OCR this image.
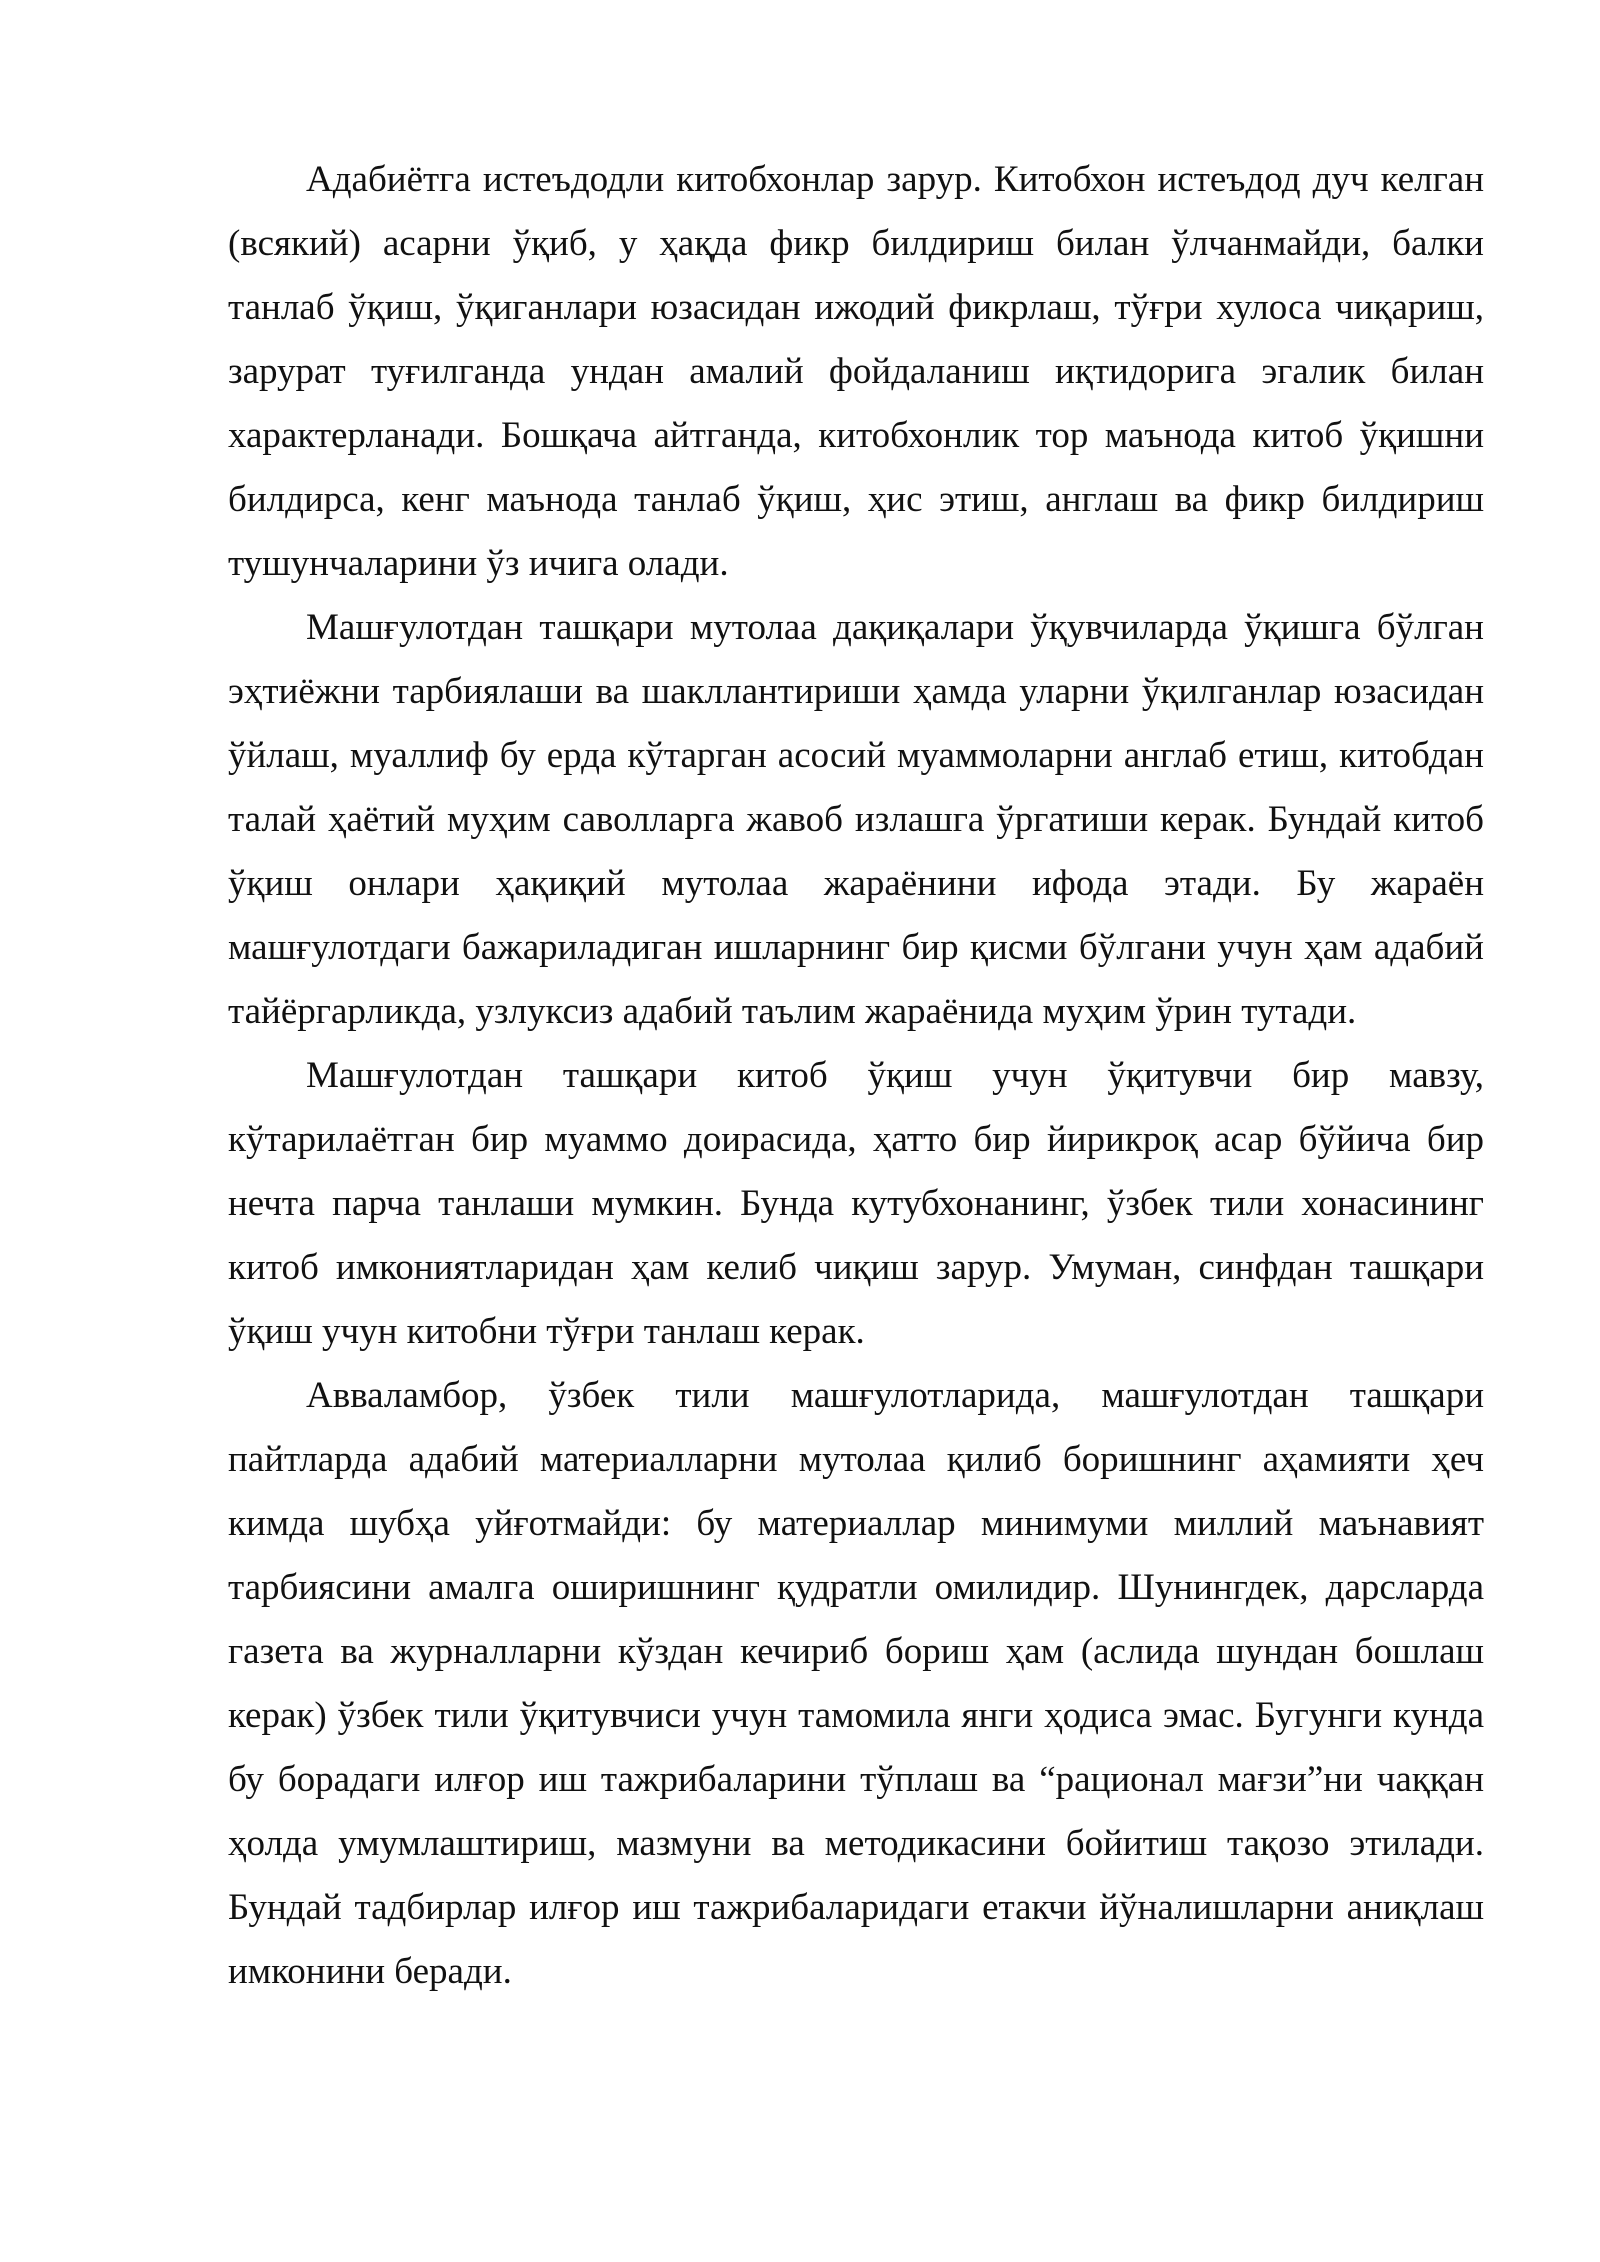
Адабиётга истеъдодли китобхонлар зарур. Китобхон истеъдод дуч келган (всякий) асарни ўқиб, у ҳақда фикр билдириш билан ўлчанмайди, балки танлаб ўқиш, ўқиганлари юзасидан ижодий фикрлаш, тўғри хулоса чиқариш, зарурат туғилганда ундан амалий фойдаланиш иқтидорига эгалик билан характерланади. Бошқача айтганда, китобхонлик тор маънода китоб ўқишни билдирса, кенг маънода танлаб ўқиш, ҳис этиш, англаш ва фикр билдириш тушунчаларини ўз ичига олади.

Машғулотдан ташқари мутолаа дақиқалари ўқувчиларда ўқишга бўлган эҳтиёжни тарбиялаши ва шакллантириши ҳамда уларни ўқилганлар юзасидан ўйлаш, муаллиф бу ерда кўтарган асосий муаммоларни англаб етиш, китобдан талай ҳаётий муҳим саволларга жавоб излашга ўргатиши керак. Бундай китоб ўқиш онлари ҳақиқий мутолаа жараёнини ифода этади. Бу жараён машғулотдаги бажариладиган ишларнинг бир қисми бўлгани учун ҳам адабий тайёргарликда, узлуксиз адабий таълим жараёнида муҳим ўрин тутади.

Машғулотдан ташқари китоб ўқиш учун ўқитувчи бир мавзу, кўтарилаётган бир муаммо доирасида, ҳатто бир йирикроқ асар бўйича бир нечта парча танлаши мумкин. Бунда кутубхонанинг, ўзбек тили хонасининг китоб имкониятларидан ҳам келиб чиқиш зарур. Умуман, синфдан ташқари ўқиш учун китобни тўғри танлаш керак.

Авваламбор, ўзбек тили машғулотларида, машғулотдан ташқари пайтларда адабий материалларни мутолаа қилиб боришнинг аҳамияти ҳеч кимда шубҳа уйғотмайди: бу материаллар минимуми миллий маънавият тарбиясини амалга оширишнинг қудратли омилидир. Шунингдек, дарсларда газета ва журналларни кўздан кечириб бориш ҳам (аслида шундан бошлаш керак) ўзбек тили ўқитувчиси учун тамомила янги ҳодиса эмас. Бугунги кунда бу борадаги илғор иш тажрибаларини тўплаш ва “рационал мағзи”ни чаққан ҳолда умумлаштириш, мазмуни ва методикасини бойитиш тақозо этилади. Бундай тадбирлар илғор иш тажрибаларидаги етакчи йўналишларни аниқлаш имконини беради.
